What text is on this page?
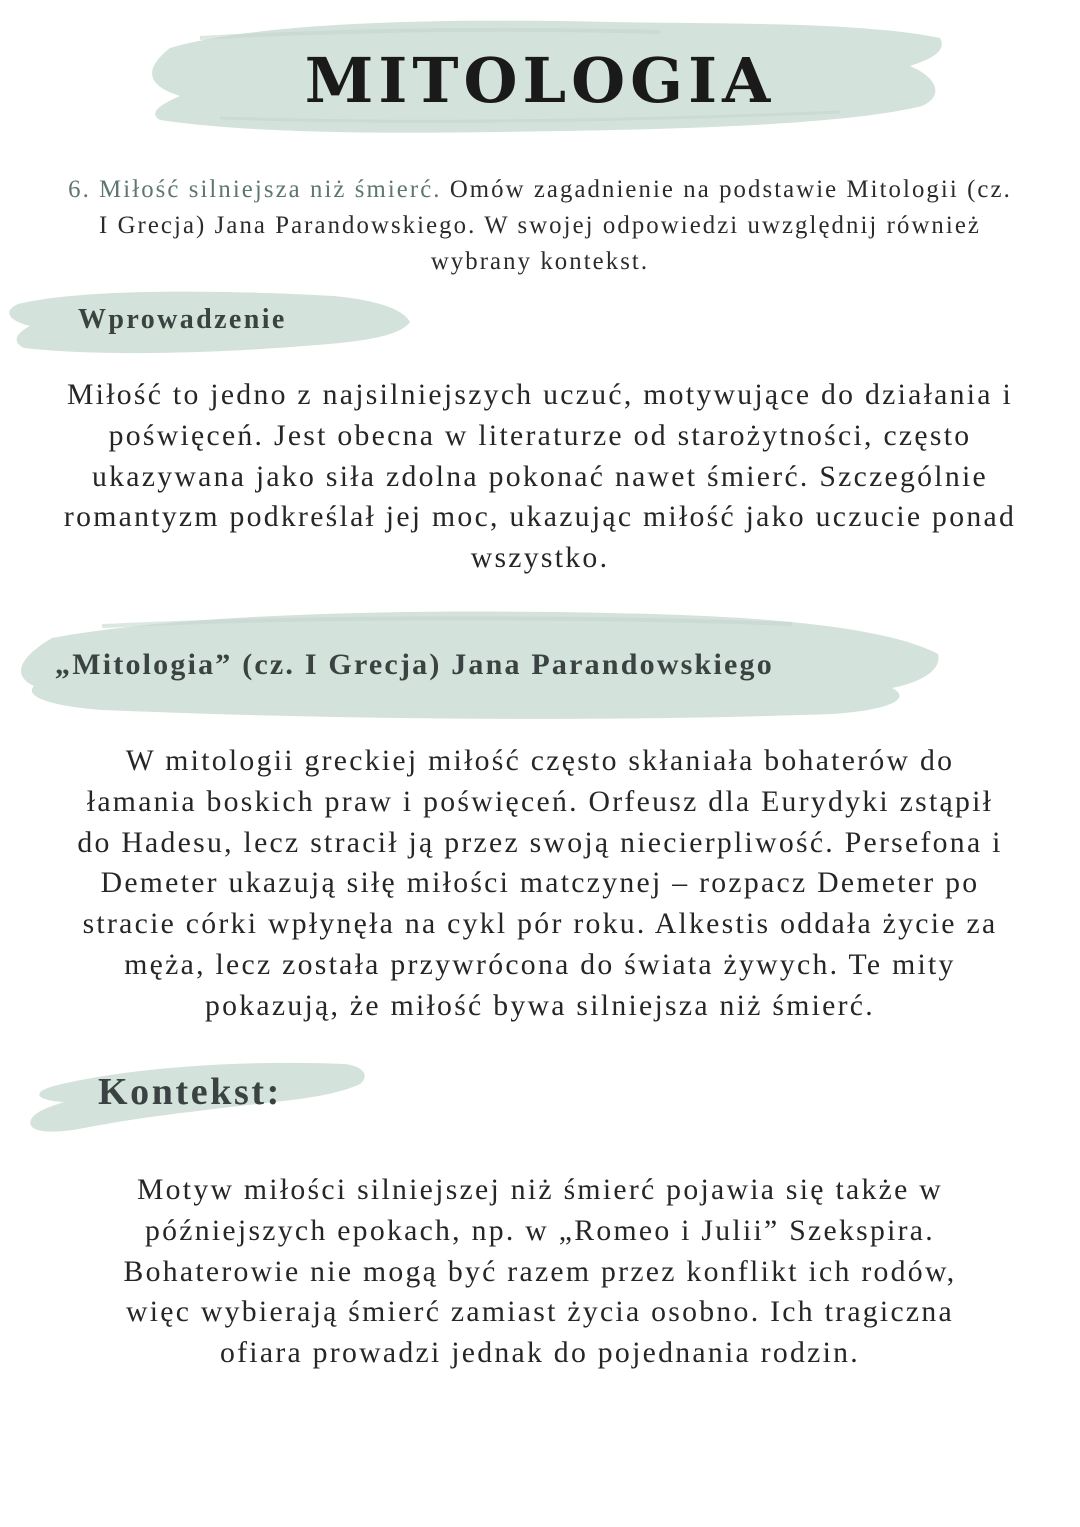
MITOLOGIA

6. Miłość silniejsza niż śmierć. Omów zagadnienie na podstawie Mitologii (cz.
I Grecja) Jana Parandowskiego. W swojej odpowiedzi uwzględnij również
wybrany kontekst.

Wprowadzenie

Miłość to jedno z najsilniejszych uczuć, motywujące do działania i
poświęceń. Jest obecna w literaturze od starożytności, często
ukazywana jako siła zdolna pokonać nawet śmierć. Szczególnie
romantyzm podkreślał jej moc, ukazując miłość jako uczucie ponad
wszystko.

„Mitologia” (cz. I Grecja) Jana Parandowskiego

W mitologii greckiej miłość często skłaniała bohaterów do
łamania boskich praw i poświęceń. Orfeusz dla Eurydyki zstąpił
do Hadesu, lecz stracił ją przez swoją niecierpliwość. Persefona i
Demeter ukazują siłę miłości matczynej – rozpacz Demeter po
stracie córki wpłynęła na cykl pór roku. Alkestis oddała życie za
męża, lecz została przywrócona do świata żywych. Te mity
pokazują, że miłość bywa silniejsza niż śmierć.

Kontekst:

Motyw miłości silniejszej niż śmierć pojawia się także w
późniejszych epokach, np. w „Romeo i Julii” Szekspira.
Bohaterowie nie mogą być razem przez konflikt ich rodów,
więc wybierają śmierć zamiast życia osobno. Ich tragiczna
ofiara prowadzi jednak do pojednania rodzin.
